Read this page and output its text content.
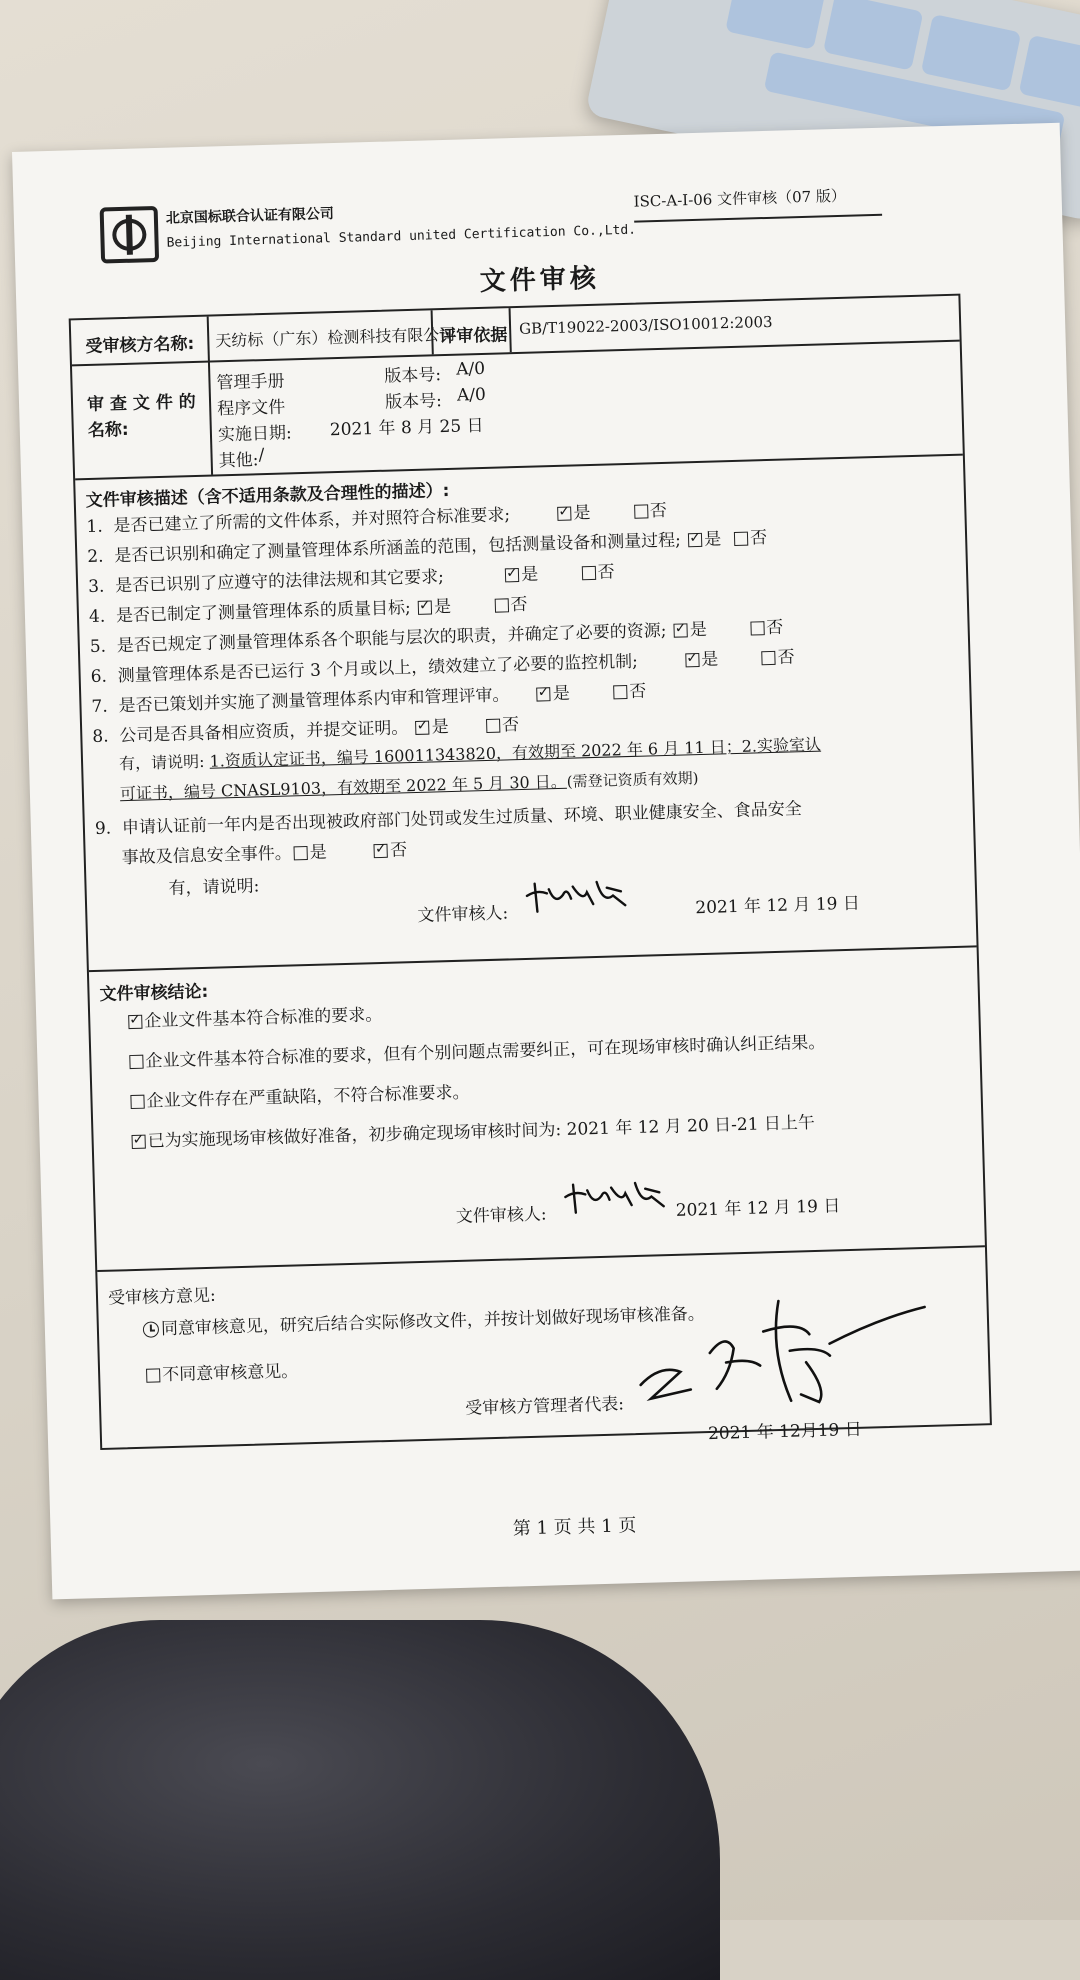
北京国标联合认证有限公司
Beijing International Standard united Certification Co.,Ltd.
ISC-A-I-06 文件审核（07 版）
文件审核
受审核方名称: 天纺标（广东）检测科技有限公司
评审依据 GB/T19022-2003/ISO10012:2003
审 查 文 件 的 名称:
管理手册	版本号: A/0
程序文件	版本号: A/0
实施日期: 2021 年 8 月 25 日
其他: /
文件审核描述（含不适用条款及合理性的描述）:
1. 是否已建立了所需的文件体系，并对照符合标准要求; ✓	是	否
2. 是否已识别和确定了测量管理体系所涵盖的范围，包括测量设备和测量过程; ✓ 是 否
3. 是否已识别了应遵守的法律法规和其它要求; ✓	是	否
4. 是否已制定了测量管理体系的质量目标; ✓ 是	否
5. 是否已规定了测量管理体系各个职能与层次的职责，并确定了必要的资源; ✓ 是	否
6. 测量管理体系是否已运行 3 个月或以上，绩效建立了必要的监控机制; ✓	是	否
7. 是否已策划并实施了测量管理体系内审和管理评审。 ✓	是	否
8. 公司是否具备相应资质，并提交证明。 ✓ 是	否
有，请说明: 1.资质认定证书，编号 160011343820，有效期至 2022 年 6 月 11 日；2.实验室认
可证书，编号 CNASL9103，有效期至 2022 年 5 月 30 日。(需登记资质有效期)
9. 申请认证前一年内是否出现被政府部门处罚或发生过质量、环境、职业健康安全、食品安全
事故及信息安全事件。 是 ✓	否
有，请说明:
文件审核人:	2021 年 12 月 19 日
文件审核结论:
✓企业文件基本符合标准的要求。
企业文件基本符合标准的要求，但有个别问题点需要纠正，可在现场审核时确认纠正结果。
企业文件存在严重缺陷，不符合标准要求。
✓已为实施现场审核做好准备，初步确定现场审核时间为: 2021 年 12 月 20 日-21 日上午
文件审核人:	2021 年 12 月 19 日
受审核方意见:
同意审核意见，研究后结合实际修改文件，并按计划做好现场审核准备。
不同意审核意见。
受审核方管理者代表:
2021 年 12月19 日
第 1 页 共 1 页
